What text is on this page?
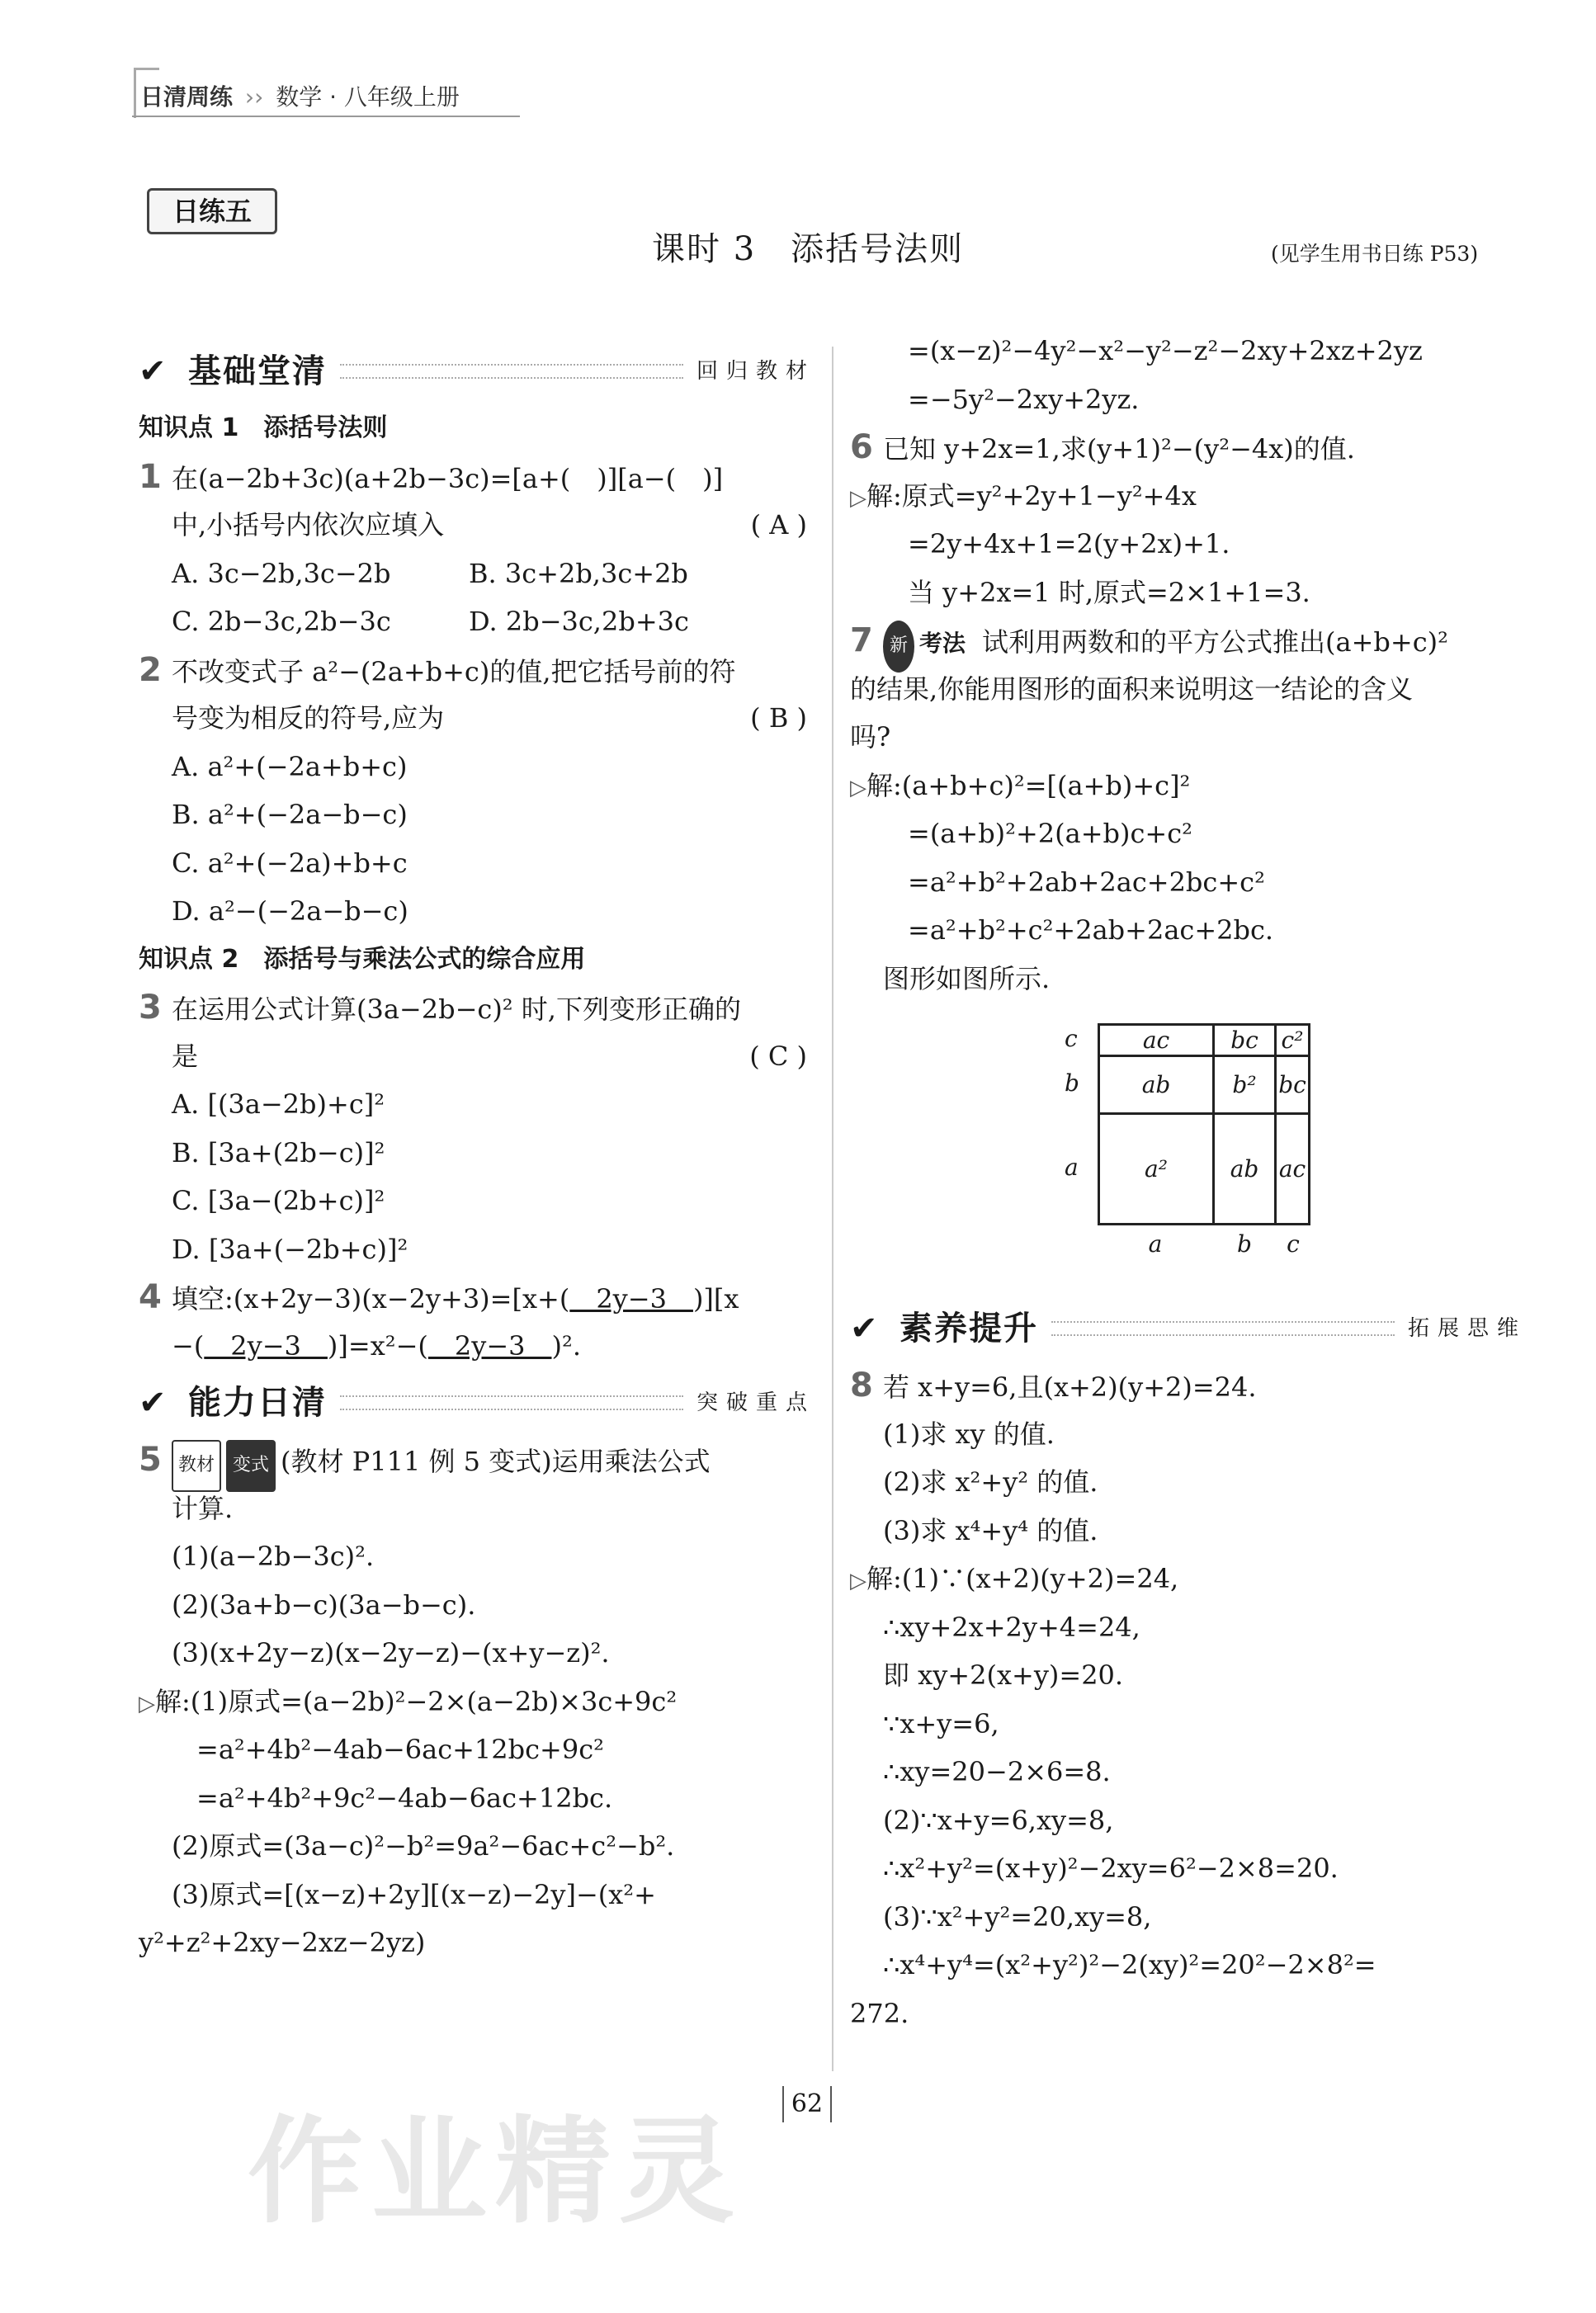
日清周练 ›› 数学 · 八年级上册
日练五
课时 3　添括号法则	(见学生用书日练 P53)
作业精灵
✔ 基础堂清	回归教材
知识点 1　添括号法则
1 在(a−2b+3c)(a+2b−3c)=[a+(　)][a−(　)]
中,小括号内依次应填入	( A )
A. 3c−2b,3c−2b	B. 3c+2b,3c+2b
C. 2b−3c,2b−3c	D. 2b−3c,2b+3c
2 不改变式子 a²−(2a+b+c)的值,把它括号前的符
号变为相反的符号,应为	( B )
A. a²+(−2a+b+c)
B. a²+(−2a−b−c)
C. a²+(−2a)+b+c
D. a²−(−2a−b−c)
知识点 2　添括号与乘法公式的综合应用
3 在运用公式计算(3a−2b−c)² 时,下列变形正确的
是	( C )
A. [(3a−2b)+c]²
B. [3a+(2b−c)]²
C. [3a−(2b+c)]²
D. [3a+(−2b+c)]²
4 填空:(x+2y−3)(x−2y+3)=[x+(　2y−3　)][x
−(　2y−3　)]=x²−(　2y−3　)².
✔ 能力日清	突破重点
5 教材 变式 (教材 P111 例 5 变式)运用乘法公式
计算.
(1)(a−2b−3c)².
(2)(3a+b−c)(3a−b−c).
(3)(x+2y−z)(x−2y−z)−(x+y−z)².
▷解:(1)原式=(a−2b)²−2×(a−2b)×3c+9c²
=a²+4b²−4ab−6ac+12bc+9c²
=a²+4b²+9c²−4ab−6ac+12bc.
(2)原式=(3a−c)²−b²=9a²−6ac+c²−b².
(3)原式=[(x−z)+2y][(x−z)−2y]−(x²+
y²+z²+2xy−2xz−2yz)
=(x−z)²−4y²−x²−y²−z²−2xy+2xz+2yz
=−5y²−2xy+2yz.
6 已知 y+2x=1,求(y+1)²−(y²−4x)的值.
▷解:原式=y²+2y+1−y²+4x
=2y+4x+1=2(y+2x)+1.
当 y+2x=1 时,原式=2×1+1=3.
7 新 考法 试利用两数和的平方公式推出(a+b+c)²
的结果,你能用图形的面积来说明这一结论的含义
吗?
▷解:(a+b+c)²=[(a+b)+c]²
=(a+b)²+2(a+b)c+c²
=a²+b²+2ab+2ac+2bc+c²
=a²+b²+c²+2ab+2ac+2bc.
图形如图所示.
c
b
a
ac	bc	c²
ab	b²	bc
a²	ab	ac
a	b	c
✔ 素养提升	拓展思维
8 若 x+y=6,且(x+2)(y+2)=24.
(1)求 xy 的值.
(2)求 x²+y² 的值.
(3)求 x⁴+y⁴ 的值.
▷解:(1)∵(x+2)(y+2)=24,
∴xy+2x+2y+4=24,
即 xy+2(x+y)=20.
∵x+y=6,
∴xy=20−2×6=8.
(2)∵x+y=6,xy=8,
∴x²+y²=(x+y)²−2xy=6²−2×8=20.
(3)∵x²+y²=20,xy=8,
∴x⁴+y⁴=(x²+y²)²−2(xy)²=20²−2×8²=
272.
62
